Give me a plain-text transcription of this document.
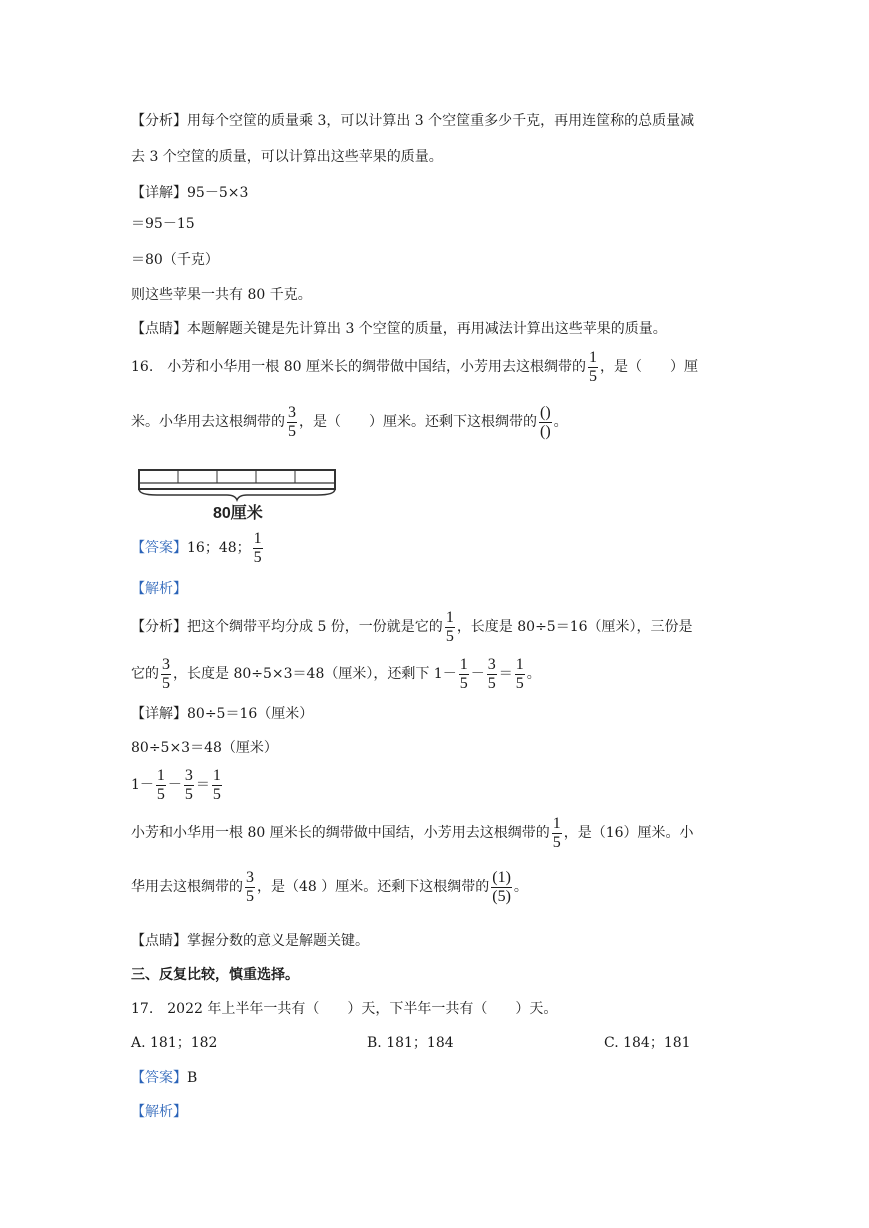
【分析】用每个空筐的质量乘 3，可以计算出 3 个空筐重多少千克，再用连筐称的总质量减
去 3 个空筐的质量，可以计算出这些苹果的质量。
【详解】95－5×3
＝95－15
＝80（千克）
则这些苹果一共有 80 千克。
【点睛】本题解题关键是先计算出 3 个空筐的质量，再用减法计算出这些苹果的质量。
16.　小芳和小华用一根 80 厘米长的绸带做中国结，小芳用去这根绸带的 $\frac{1}{5}$ ，是（　　）厘
米。小华用去这根绸带的 $\frac{3}{5}$ ，是（　　）厘米。还剩下这根绸带的 $\frac{()}{()}$ 。
80厘米
【答案】16；48； $\frac{1}{5}$
【解析】
【分析】把这个绸带平均分成 5 份，一份就是它的 $\frac{1}{5}$ ，长度是 80÷5＝16（厘米），三份是
它的 $\frac{3}{5}$ ，长度是 80÷5×3＝48（厘米），还剩下 $1- \frac{1}{5} - \frac{3}{5} = \frac{1}{5}$ 。
【详解】80÷5＝16（厘米）
80÷5×3＝48（厘米）
$1- \frac{1}{5} - \frac{3}{5} = \frac{1}{5}$
小芳和小华用一根 80 厘米长的绸带做中国结，小芳用去这根绸带的 $\frac{1}{5}$ ，是（16）厘米。小
华用去这根绸带的 $\frac{3}{5}$ ，是（48 ）厘米。还剩下这根绸带的 $\frac{(1)}{(5)}$ 。
【点睛】掌握分数的意义是解题关键。
三、反复比较，慎重选择。
17.　2022 年上半年一共有（　　）天，下半年一共有（　　）天。
A. 181；182	B. 181；184	C. 184；181
【答案】B
【解析】
